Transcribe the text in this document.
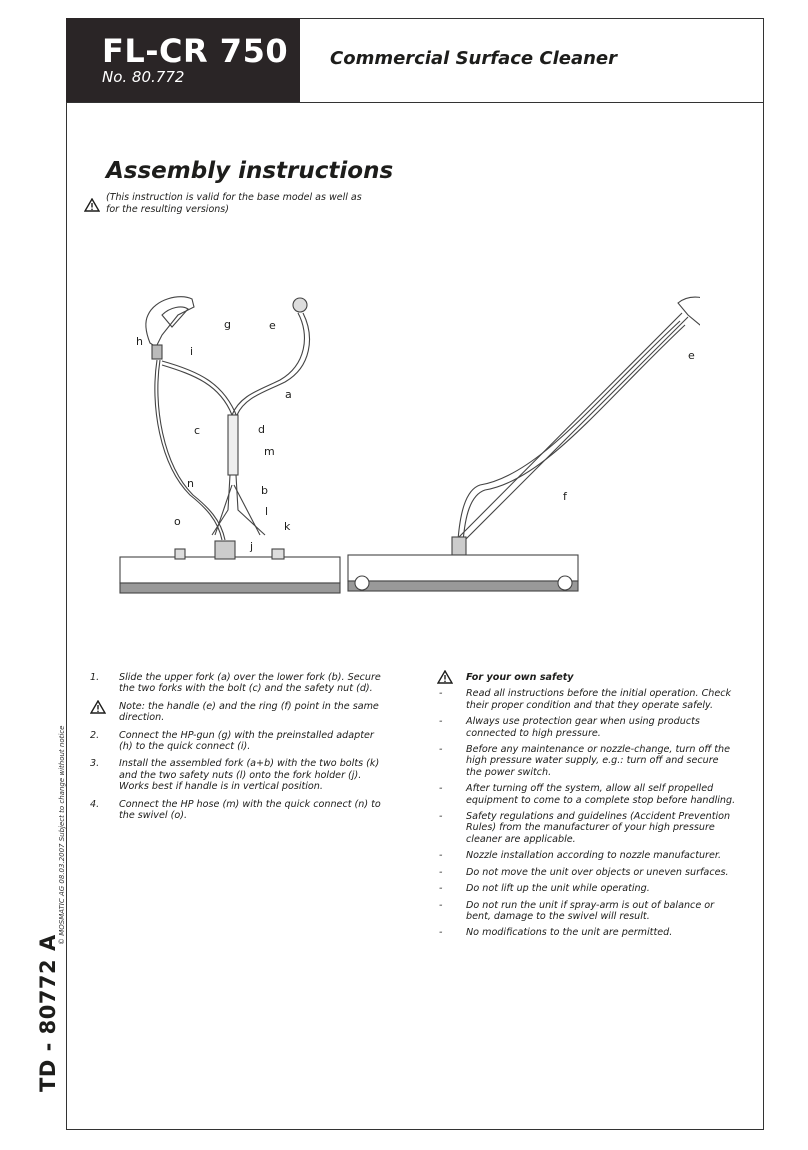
FL-CR 750
No. 80.772
Commercial Surface Cleaner
Assembly instructions
(This instruction is valid for the base model as well as for the resulting versions)
© MOSMATIC AG 08.03.2007 Subject to change without notice
TD - 80772 A
g	e
h
i
a
c	d
m
n
b
l
o	k
j
e
f
1. Slide the upper fork (a) over the lower fork (b). Secure the two forks with the bolt (c) and the safety nut (d).
Note: the handle (e) and the ring (f) point in the same direction.
2. Connect the HP-gun (g) with the preinstalled adapter (h) to the quick connect (i).
3. Install the assembled fork (a+b) with the two bolts (k) and the two safety nuts (l) onto the fork holder (j). Works best if handle is in vertical position.
4. Connect the HP hose (m) with the quick connect (n) to the swivel (o).
For your own safety
- Read all instructions before the initial operation. Check their proper condition and that they operate safely.
- Always use protection gear when using products connected to high pressure.
- Before any maintenance or nozzle-change, turn off the high pressure water supply, e.g.: turn off and secure the power switch.
- After turning off the system, allow all self propelled equipment to come to a complete stop before handling.
- Safety regulations and guidelines (Accident Prevention Rules) from the manufacturer of your high pressure cleaner are applicable.
- Nozzle installation according to nozzle manufacturer.
- Do not move the unit over objects or uneven surfaces.
- Do not lift up the unit while operating.
- Do not run the unit if spray-arm is out of balance or bent, damage to the swivel will result.
- No modifications to the unit are permitted.
